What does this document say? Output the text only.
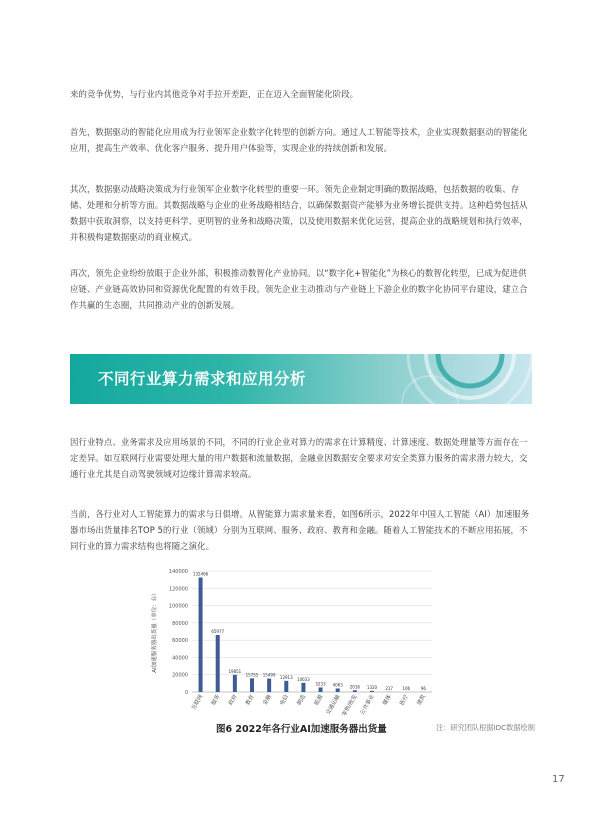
来的竞争优势，与行业内其他竞争对手拉开差距，正在迈入全面智能化阶段。

首先，数据驱动的智能化应用成为行业领军企业数字化转型的创新方向。通过人工智能等技术，企业实现数据驱动的智能化应用，提高生产效率、优化客户服务、提升用户体验等，实现企业的持续创新和发展。

其次，数据驱动战略决策成为行业领军企业数字化转型的重要一环。领先企业制定明确的数据战略，包括数据的收集、存储、处理和分析等方面。其数据战略与企业的业务战略相结合，以确保数据资产能够为业务增长提供支持。这种趋势包括从数据中获取洞察，以支持更科学、更明智的业务和战略决策，以及使用数据来优化运营，提高企业的战略规划和执行效率，并积极构建数据驱动的商业模式。

再次，领先企业纷纷放眼于企业外部，积极推动数智化产业协同。以“数字化+智能化”为核心的数智化转型，已成为促进供应链、产业链高效协同和资源优化配置的有效手段。领先企业主动推动与产业链上下游企业的数字化协同平台建设，建立合作共赢的生态圈，共同推动产业的创新发展。

不同行业算力需求和应用分析

因行业特点、业务需求及应用场景的不同，不同的行业企业对算力的需求在计算精度、计算速度、数据处理量等方面存在一定差异。如互联网行业需要处理大量的用户数据和流量数据，金融业因数据安全要求对安全类算力服务的需求潜力较大，交通行业尤其是自动驾驶领域对边缘计算需求较高。

当前，各行业对人工智能算力的需求与日俱增。从智能算力需求量来看，如图6所示，2022年中国人工智能（AI）加速服务器市场出货量排名TOP 5的行业（领域）分别为互联网、服务、政府、教育和金融。随着人工智能技术的不断应用拓展，不同行业的算力需求结构也将随之演化。

0
20000
40000
60000
80000
100000
120000
140000
AI加速服务器出货量（单位：台）
132466
互联网
65977
服务
19851
政府
15755
教育
15499
金融
12913
电信
10633
制造
5233
能源
4063
交通运输
2016
零售/批发
1320
公共事业
217
媒体
106
医疗
96
建筑
图6 2022年各行业AI加速服务器出货量	注：研究团队根据IDC数据绘制
17
